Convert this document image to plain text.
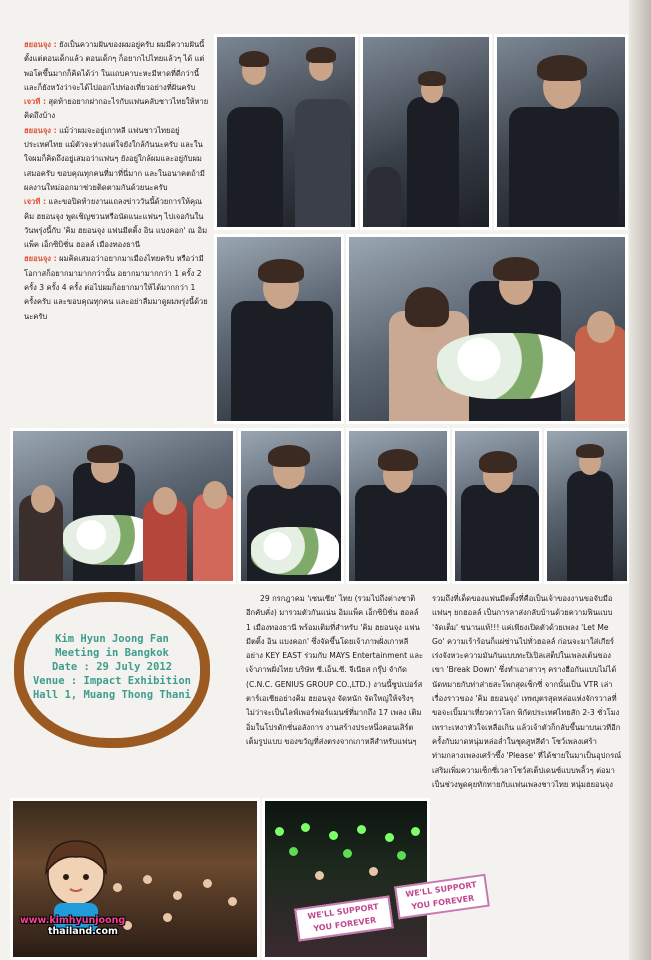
ฮยอนจุง : ยังเป็นความฝันของผมอยู่ครับ ผมมีความฝันนี้ตั้งแต่ตอนเด็กแล้ว ตอนเด็กๆ ก็อยากไปไทยแล้วๆ ได้ แต่พอโตขึ้นมากก็คิดได้ว่า ในแถบคาบะหะมีหาดที่ดีกว่านี้ และก็ยังหวังว่าจะได้ไปออกไปท่องเที่ยวอย่างที่ฝันครับ

เจวที : สุดท้ายอยากฝากอะไรกับแฟนคลับชาวไทยให้หายคิดถึงบ้าง

ฮยอนจุง : แม้ว่าผมจะอยู่เกาหลี แฟนชาวไทยอยู่ประเทศไทย แม้ตัวจะห่างแต่ใจยังใกล้กันนะครับ และในใจผมก็คิดถึงอยู่เสมอว่าแฟนๆ ยังอยู่ใกล้ผมและอยู่กับผมเสมอครับ ขอบคุณทุกคนที่มาที่นี่มาก และในอนาคตถ้ามีผลงานใหม่ออกมาช่วยติดตามกันด้วยนะครับ

เจวที : และขอปิดท้ายงานแถลงข่าววันนี้ด้วยการให้คุณคิม ฮยอนจุง พูดเชิญชวนหรือนัดแนะแฟนๆ ไปเจอกันในวันพรุ่งนี้กับ 'คิม ฮยอนจุง แฟนมีตติ้ง อิน แบงคอก' ณ อิมแพ็ค เอ็กซิบิชั่น ฮอลล์ เมืองทองธานี

ฮยอนจุง : ผมคิดเสมอว่าอยากมาเมืองไทยครับ หรือว่ามีโอกาสก็อยากมามากกว่านั้น อยากมามากกว่า 1 ครั้ง 2 ครั้ง 3 ครั้ง 4 ครั้ง ต่อไปผมก็อยากมาให้ได้มากกว่า 1 ครั้งครับ และขอบคุณทุกคน และอย่าลืมมาดูผมพรุ่งนี้ด้วยนะครับ

Kim Hyun Joong Fan Meeting in Bangkok
Date : 29 July 2012
Venue : Impact Exhibition Hall 1, Muang Thong Thani

29 กรกฎาคม 'เซนเซีย' ไทย (รวมไปถึงต่างชาติอีกคับคั่ง) มารวมตัวกันแน่น อิมแพ็ค เอ็กซิบิชั่น ฮอลล์ 1 เมืองทองธานี พร้อมเติมที่สำหรับ 'คิม ฮยอนจุง แฟน มีตติ้ง อิน แบงคอก' ซึ่งจัดขึ้นโดยเจ้าภาพฝั่งเกาหลีอย่าง KEY EAST ร่วมกับ MAYS Entertainment และเจ้าภาพฝั่งไทย บริษัท ซี.เอ็น.ซี. จีเนียส กรุ๊ป จำกัด (C.N.C. GENIUS GROUP CO.,LTD.) งานนี้ซูปเปอร์สตาร์เอเชียอย่างคิม ฮยอนจุง จัดหนัก จัดใหญ่ให้จริงๆ ไม่ว่าจะเป็นไลฟ์เพอร์ฟอร์แมนซ์ที่มากถึง 17 เพลง เติมอิ่มในโปรดักชั่นอลังการ งานสร้างประหนึ่งคอนเสิร์ตเต็มรูปแบบ ของขวัญที่ส่งตรงจากเกาหลีสำหรับแฟนๆ

รวมถึงที่เด็ดของแฟนมีตติ้งที่คือเป็นเจ้าของงานขอจับมือแฟนๆ ยกฮอลล์ เป็นการลาส่งกลับบ้านด้วยความฟินแบบ 'จัดเต็ม' ขนานแท้!!! แค่เพียงเปิดตัวด้วยเพลง 'Let Me Go' ความเร้าร้อนก็แผ่ซ่านไปทั่วฮอลล์ ก่อนจะมาใส่เกียร์เร่งจังหวะความมันกันแบบทะปิเปิลเสต็ปในเพลงเต้นของเขา 'Break Down' ซึ่งทำเอาสาวๆ ครางฮือกันแบบไม่ได้นัดหมายกับท่าส่ายสะโพกสุดเซ็กซี่ จากนั้นเป็น VTR เล่าเรื่องราวของ 'คิม ฮยอนจุง' เทพบุตรสุดหล่อแห่งจักรวาลที่ขอจะเบิ้มมาเที่ยวดาวโลก พิกัดประเทศไทยสัก 2-3 ชั่วโมง เพราะเหงาหัวใจเหลือเกิน แล้วเจ้าตัวก็กลับขึ้นมาบนเวทีอีกครั้งกับมาดหนุ่มหล่อล่ำในชุดสูทสีดำ โชว์เพลงเศร้าท่ามกลางเพลงเศร้าซึ้ง 'Please' ที่ได้ชายในมาเป็นอุปกรณ์เสริมเพิ่มความเซ็กซี่เวลาโชว์สเต็ปเดนซ์แบบพลิ้วๆ ต่อมาเป็นช่วงพูดคุยทักทายกับแฟนเพลงชาวไทย หนุ่มฮยอนจุง

WE'LL SUPPORT YOU FOREVER
WE'LL SUPPORT YOU FOREVER
www.kimhyunjoong
thailand.com
